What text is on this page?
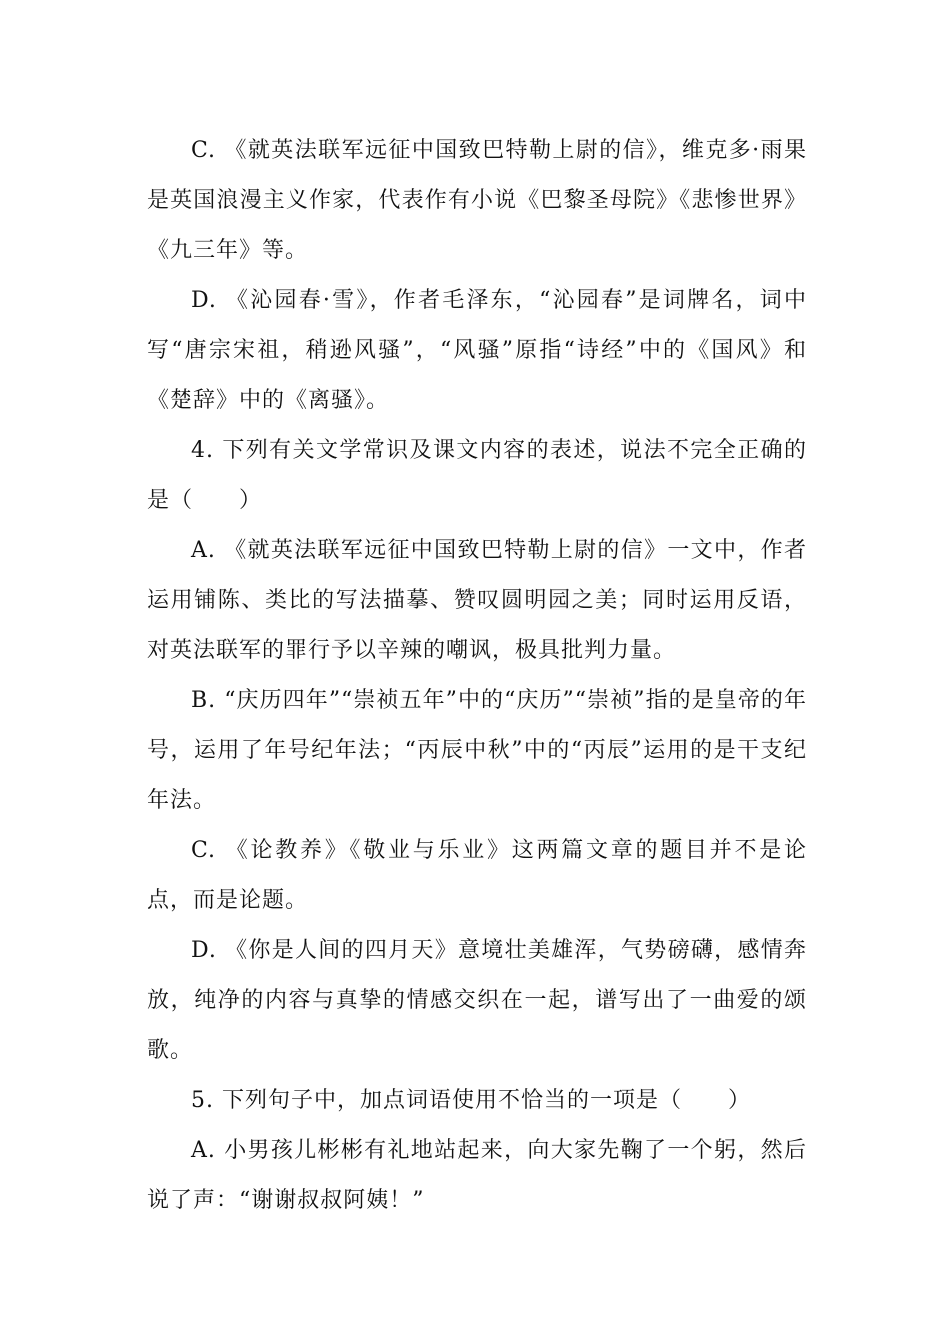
C. 《就英法联军远征中国致巴特勒上尉的信》，维克多·雨果是英国浪漫主义作家，代表作有小说《巴黎圣母院》《悲惨世界》《九三年》等。

D. 《沁园春·雪》，作者毛泽东，“沁园春”是词牌名，词中写“唐宗宋祖，稍逊风骚”，“风骚”原指“诗经”中的《国风》和《楚辞》中的《离骚》。

4. 下列有关文学常识及课文内容的表述，说法不完全正确的是（　　）

A. 《就英法联军远征中国致巴特勒上尉的信》一文中，作者运用铺陈、类比的写法描摹、赞叹圆明园之美；同时运用反语，对英法联军的罪行予以辛辣的嘲讽，极具批判力量。

B. “庆历四年”“崇祯五年”中的“庆历”“崇祯”指的是皇帝的年号，运用了年号纪年法；“丙辰中秋”中的“丙辰”运用的是干支纪年法。

C. 《论教养》《敬业与乐业》这两篇文章的题目并不是论点，而是论题。

D. 《你是人间的四月天》意境壮美雄浑，气势磅礴，感情奔放，纯净的内容与真挚的情感交织在一起，谱写出了一曲爱的颂歌。

5. 下列句子中，加点词语使用不恰当的一项是（　　）

A. 小男孩儿彬彬有礼地站起来，向大家先鞠了一个躬，然后说了声：“谢谢叔叔阿姨！”
